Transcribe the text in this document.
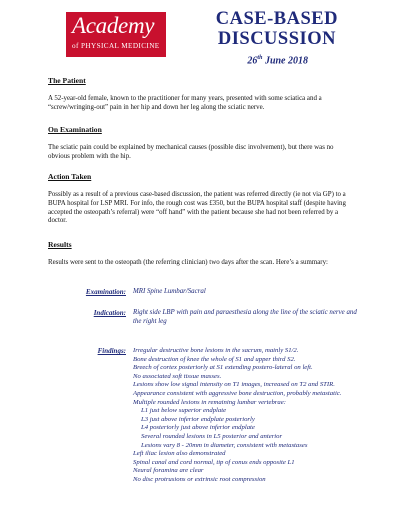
Academy
of PHYSICAL MEDICINE
CASE-BASED
DISCUSSION
26th June 2018
The Patient
A 52-year-old female, known to the practitioner for many years, presented with some sciatica and a “screw/wringing-out” pain in her hip and down her leg along the sciatic nerve.
On Examination
The sciatic pain could be explained by mechanical causes (possible disc involvement), but there was no obvious problem with the hip.
Action Taken
Possibly as a result of a previous case-based discussion, the patient was referred directly (ie not via GP) to a BUPA hospital for LSP MRI. For info, the rough cost was £350, but the BUPA hospital staff (despite having accepted the osteopath’s referral) were “off hand” with the patient because she had not been referred by a doctor.
Results
Results were sent to the osteopath (the referring clinician) two days after the scan. Here’s a summary:
Examination: MRI Spine Lumbar/Sacral
Indication: Right side LBP with pain and paraesthesia along the line of the sciatic nerve and the right leg
Findings: Irregular destructive bone lesions in the sacrum, mainly S1/2.
Bone destruction of knee the whole of S1 and upper third S2.
Breech of cortex posteriorly at S1 extending postero-lateral on left.
No associated soft tissue masses.
Lesions show low signal intensity on T1 images, increased on T2 and STIR.
Appearance consistent with aggressive bone destruction, probably metastatic.
Multiple rounded lesions in remaining lumbar vertebrae:
L1 just below superior endplate
L3 just above inferior endplate posteriorly
L4 posteriorly just above inferior endplate
Several rounded lesions in L5 posterior and anterior
Lesions vary 8 - 20mm in diameter, consistent with metastases
Left iliac lesion also demonstrated
Spinal canal and cord normal, tip of conus ends opposite L1
Neural foramina are clear
No disc protrusions or extrinsic root compression
